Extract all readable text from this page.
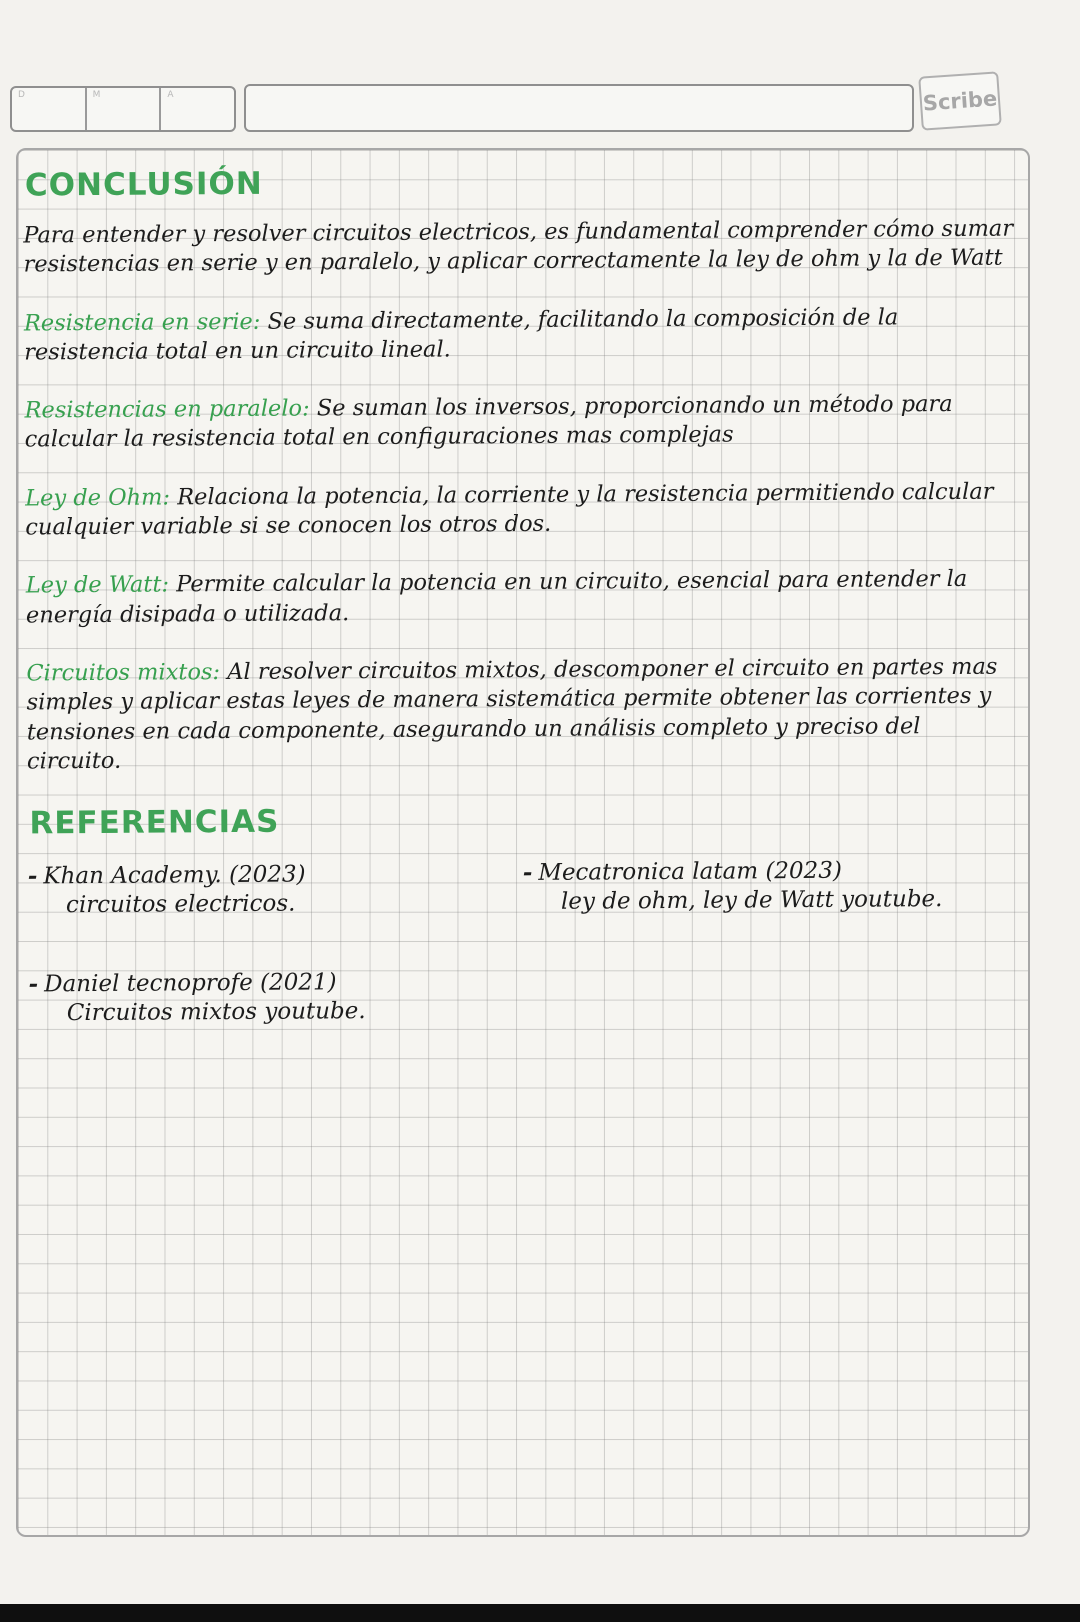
D	M	A	Scribe
CONCLUSIÓN

Para entender y resolver circuitos electricos, es fundamental comprender cómo sumar resistencias en serie y en paralelo, y aplicar correctamente la ley de ohm y la de Watt

Resistencia en serie: Se suma directamente, facilitando la composición de la resistencia total en un circuito lineal.

Resistencias en paralelo: Se suman los inversos, proporcionando un método para calcular la resistencia total en configuraciones mas complejas

Ley de Ohm: Relaciona la potencia, la corriente y la resistencia permitiendo calcular cualquier variable si se conocen los otros dos.

Ley de Watt: Permite calcular la potencia en un circuito, esencial para entender la energía disipada o utilizada.

Circuitos mixtos: Al resolver circuitos mixtos, descomponer el circuito en partes mas simples y aplicar estas leyes de manera sistemática permite obtener las corrientes y tensiones en cada componente, asegurando un análisis completo y preciso del circuito.

REFERENCIAS
- Khan Academy. (2023)
circuitos electricos.
- Daniel tecnoprofe (2021)
Circuitos mixtos youtube.
- Mecatronica latam (2023)
ley de ohm, ley de Watt youtube.
